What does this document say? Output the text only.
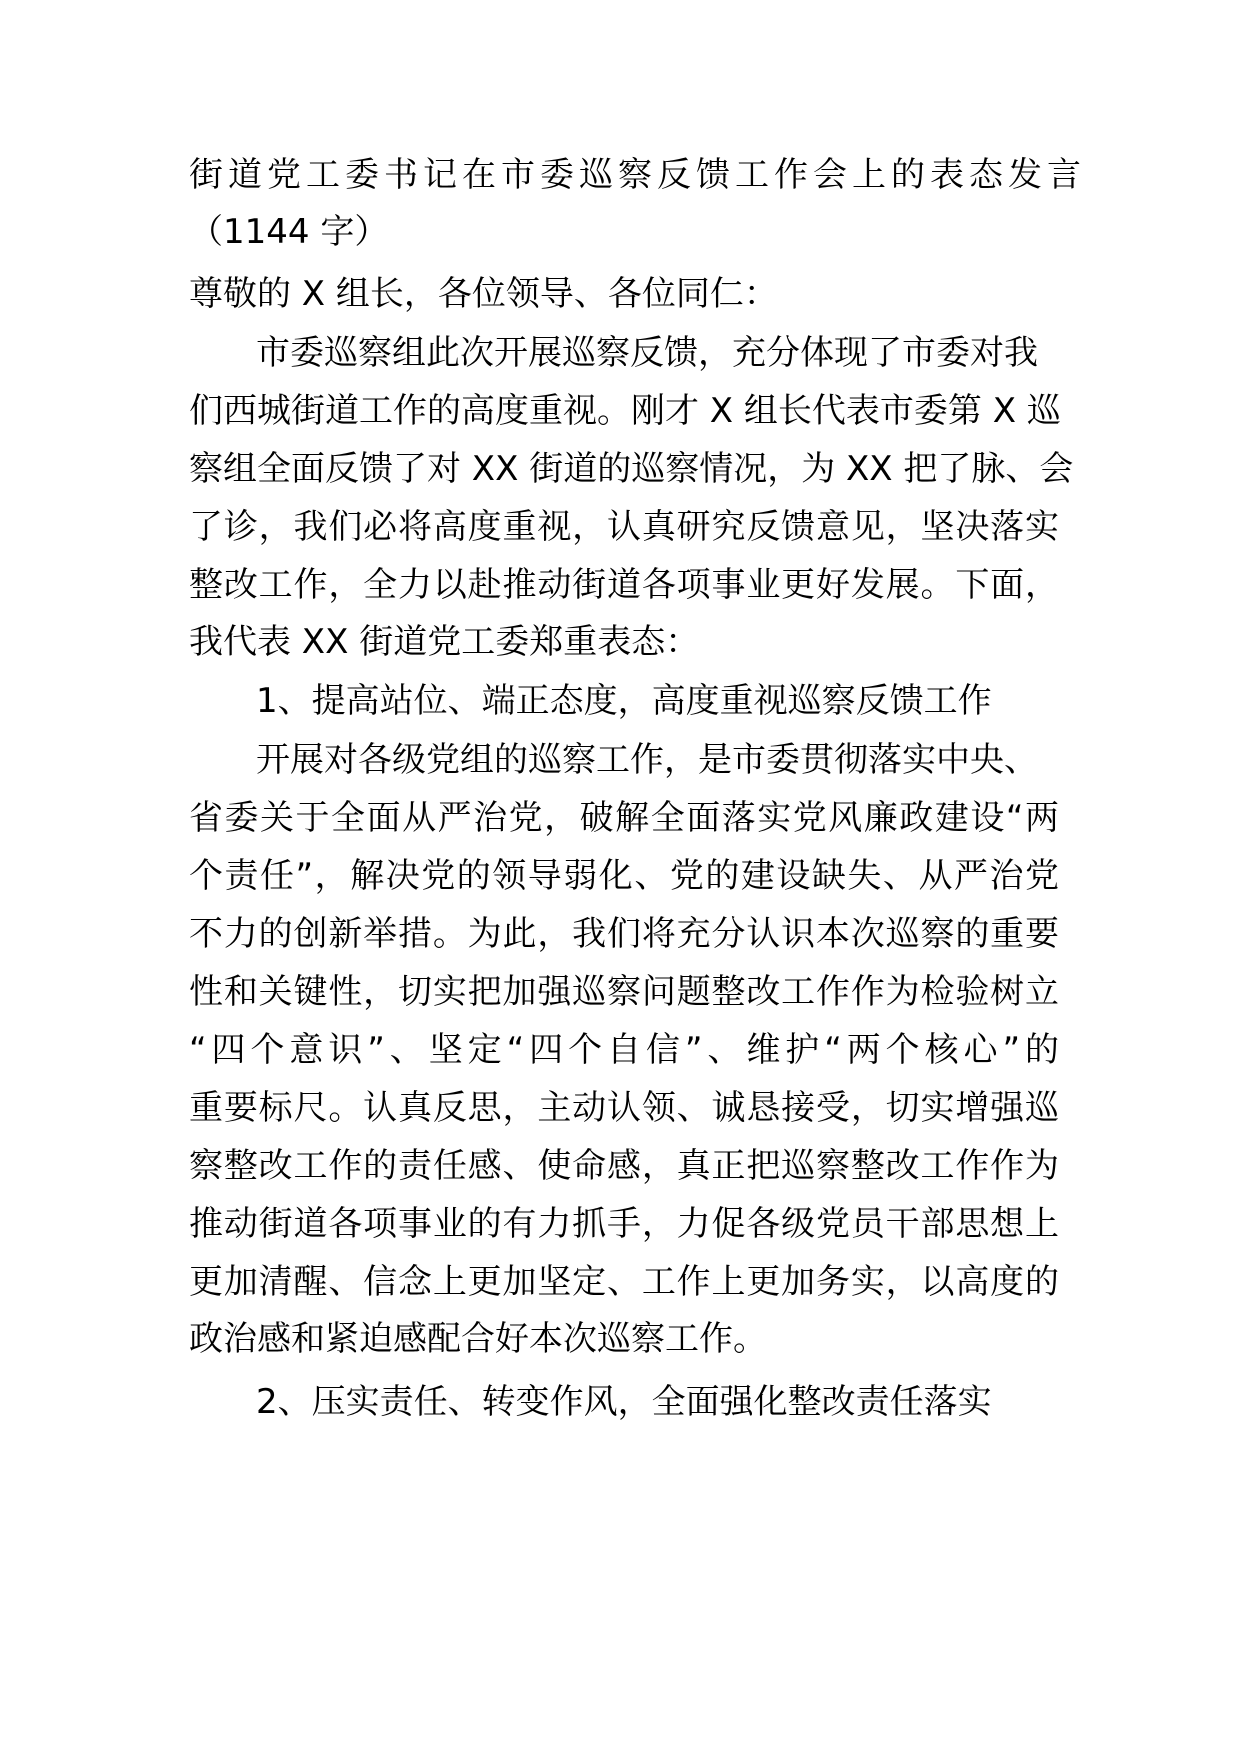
街道党工委书记在市委巡察反馈工作会上的表态发言
（1144 字）
尊敬的 X 组长，各位领导、各位同仁：
市委巡察组此次开展巡察反馈，充分体现了市委对我
们西城街道工作的高度重视。刚才 X 组长代表市委第 X 巡
察组全面反馈了对 XX 街道的巡察情况，为 XX 把了脉、会
了诊，我们必将高度重视，认真研究反馈意见，坚决落实
整改工作，全力以赴推动街道各项事业更好发展。下面，
我代表 XX 街道党工委郑重表态：
1、提高站位、端正态度，高度重视巡察反馈工作
开展对各级党组的巡察工作，是市委贯彻落实中央、
省委关于全面从严治党，破解全面落实党风廉政建设“两
个责任”，解决党的领导弱化、党的建设缺失、从严治党
不力的创新举措。为此，我们将充分认识本次巡察的重要
性和关键性，切实把加强巡察问题整改工作作为检验树立
“四个意识”、坚定“四个自信”、维护“两个核心”的
重要标尺。认真反思，主动认领、诚恳接受，切实增强巡
察整改工作的责任感、使命感，真正把巡察整改工作作为
推动街道各项事业的有力抓手，力促各级党员干部思想上
更加清醒、信念上更加坚定、工作上更加务实，以高度的
政治感和紧迫感配合好本次巡察工作。
2、压实责任、转变作风，全面强化整改责任落实
